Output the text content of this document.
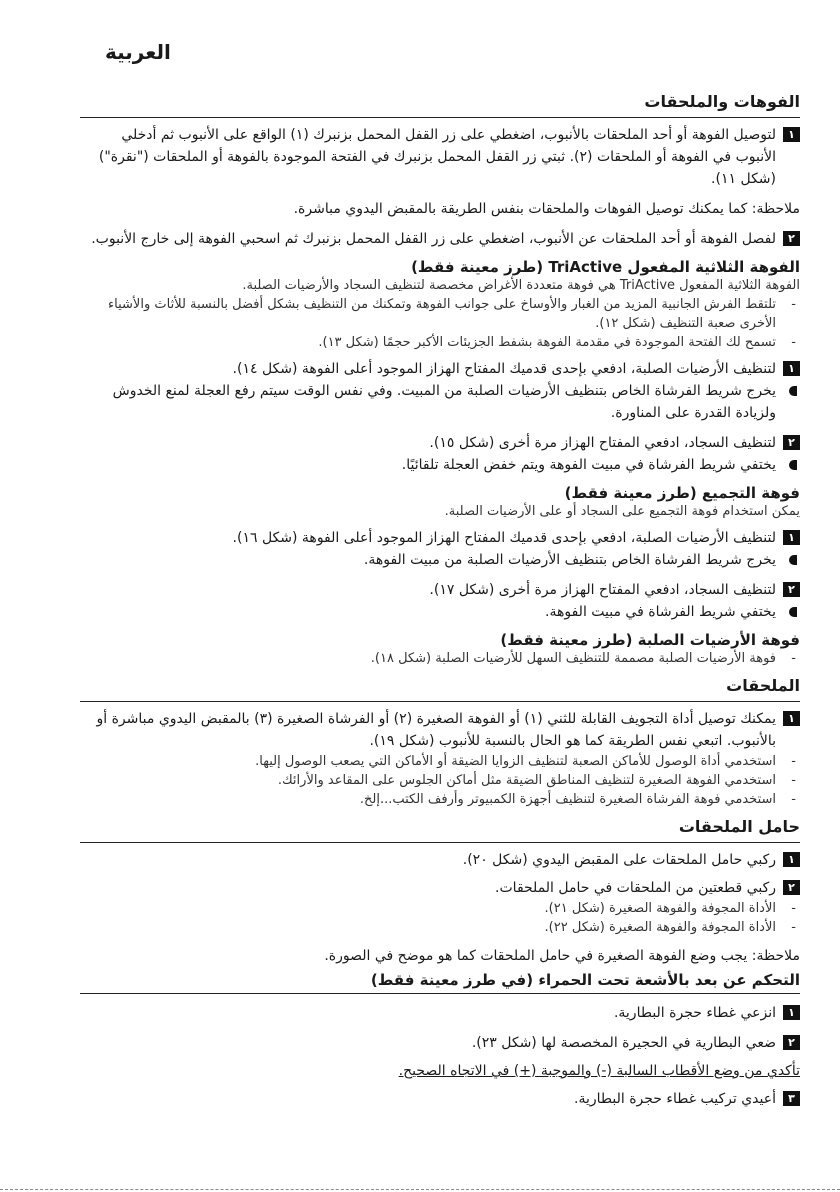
العربية
الفوهات والملحقات
١
لتوصيل الفوهة أو أحد الملحقات بالأنبوب، اضغطي على زر القفل المحمل بزنبرك (١) الواقع على الأنبوب ثم أدخلي الأنبوب في الفوهة أو الملحقات (٢). ثبتي زر القفل المحمل بزنبرك في الفتحة الموجودة بالفوهة أو الملحقات ("نقرة") (شكل ١١).
ملاحظة: كما يمكنك توصيل الفوهات والملحقات بنفس الطريقة بالمقبض اليدوي مباشرة.
٢
لفصل الفوهة أو أحد الملحقات عن الأنبوب، اضغطي على زر القفل المحمل بزنبرك ثم اسحبي الفوهة إلى خارج الأنبوب.
الفوهة الثلاثية المفعول TriActive (طرز معينة فقط)
الفوهة الثلاثية المفعول TriActive هي فوهة متعددة الأغراض مخصصة لتنظيف السجاد والأرضيات الصلبة.
-
تلتقط الفرش الجانبية المزيد من الغبار والأوساخ على جوانب الفوهة وتمكنك من التنظيف بشكل أفضل بالنسبة للأثاث والأشياء الأخرى صعبة التنظيف (شكل ١٢).
-
تسمح لك الفتحة الموجودة في مقدمة الفوهة بشفط الجزيئات الأكبر حجمًا (شكل ١٣).
١
لتنظيف الأرضيات الصلبة، ادفعي بإحدى قدميك المفتاح الهزاز الموجود أعلى الفوهة (شكل ١٤).
يخرج شريط الفرشاة الخاص بتنظيف الأرضيات الصلبة من المبيت. وفي نفس الوقت سيتم رفع العجلة لمنع الخدوش ولزيادة القدرة على المناورة.
٢
لتنظيف السجاد، ادفعي المفتاح الهزاز مرة أخرى (شكل ١٥).
يختفي شريط الفرشاة في مبيت الفوهة ويتم خفض العجلة تلقائيًا.
فوهة التجميع (طرز معينة فقط)
يمكن استخدام فوهة التجميع على السجاد أو على الأرضيات الصلبة.
١
لتنظيف الأرضيات الصلبة، ادفعي بإحدى قدميك المفتاح الهزاز الموجود أعلى الفوهة (شكل ١٦).
يخرج شريط الفرشاة الخاص بتنظيف الأرضيات الصلبة من مبيت الفوهة.
٢
لتنظيف السجاد، ادفعي المفتاح الهزاز مرة أخرى (شكل ١٧).
يختفي شريط الفرشاة في مبيت الفوهة.
فوهة الأرضيات الصلبة (طرز معينة فقط)
-
فوهة الأرضيات الصلبة مصممة للتنظيف السهل للأرضيات الصلبة (شكل ١٨).
الملحقات
١
يمكنك توصيل أداة التجويف القابلة للثني (١) أو الفوهة الصغيرة (٢) أو الفرشاة الصغيرة (٣) بالمقبض اليدوي مباشرة أو بالأنبوب. اتبعي نفس الطريقة كما هو الحال بالنسبة للأنبوب (شكل ١٩).
-
استخدمي أداة الوصول للأماكن الصعبة لتنظيف الزوايا الضيقة أو الأماكن التي يصعب الوصول إليها.
-
استخدمي الفوهة الصغيرة لتنظيف المناطق الضيقة مثل أماكن الجلوس على المقاعد والأرائك.
-
استخدمي فوهة الفرشاة الصغيرة لتنظيف أجهزة الكمبيوتر وأرفف الكتب...إلخ.
حامل الملحقات
١
ركبي حامل الملحقات على المقبض اليدوي (شكل ٢٠).
٢
ركبي قطعتين من الملحقات في حامل الملحقات.
-
الأداة المجوفة والفوهة الصغيرة (شكل ٢١).
-
الأداة المجوفة والفوهة الصغيرة (شكل ٢٢).
ملاحظة: يجب وضع الفوهة الصغيرة في حامل الملحقات كما هو موضح في الصورة.
التحكم عن بعد بالأشعة تحت الحمراء (في طرز معينة فقط)
١
انزعي غطاء حجرة البطارية.
٢
ضعي البطارية في الحجيرة المخصصة لها (شكل ٢٣).
تأكدي من وضع الأقطاب السالبة (-) والموجبة (+) في الاتجاه الصحيح.
٣
أعيدي تركيب غطاء حجرة البطارية.
